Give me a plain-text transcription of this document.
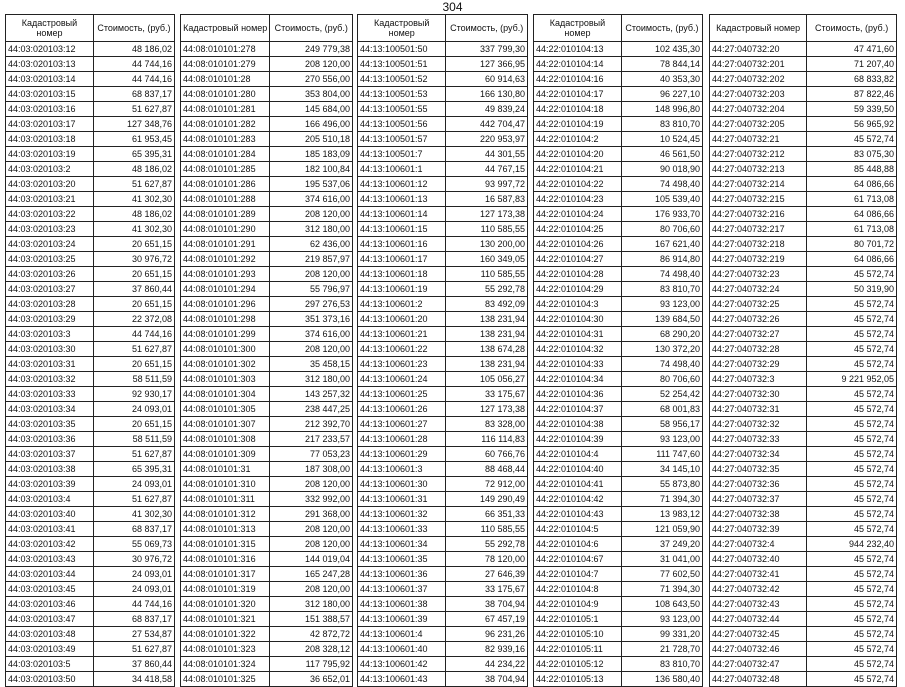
304
Кадастровый номер	Стоимость, (руб.)
44:03:020103:12	48 186,02
44:03:020103:13	44 744,16
44:03:020103:14	44 744,16
44:03:020103:15	68 837,17
44:03:020103:16	51 627,87
44:03:020103:17	127 348,76
44:03:020103:18	61 953,45
44:03:020103:19	65 395,31
44:03:020103:2	48 186,02
44:03:020103:20	51 627,87
44:03:020103:21	41 302,30
44:03:020103:22	48 186,02
44:03:020103:23	41 302,30
44:03:020103:24	20 651,15
44:03:020103:25	30 976,72
44:03:020103:26	20 651,15
44:03:020103:27	37 860,44
44:03:020103:28	20 651,15
44:03:020103:29	22 372,08
44:03:020103:3	44 744,16
44:03:020103:30	51 627,87
44:03:020103:31	20 651,15
44:03:020103:32	58 511,59
44:03:020103:33	92 930,17
44:03:020103:34	24 093,01
44:03:020103:35	20 651,15
44:03:020103:36	58 511,59
44:03:020103:37	51 627,87
44:03:020103:38	65 395,31
44:03:020103:39	24 093,01
44:03:020103:4	51 627,87
44:03:020103:40	41 302,30
44:03:020103:41	68 837,17
44:03:020103:42	55 069,73
44:03:020103:43	30 976,72
44:03:020103:44	24 093,01
44:03:020103:45	24 093,01
44:03:020103:46	44 744,16
44:03:020103:47	68 837,17
44:03:020103:48	27 534,87
44:03:020103:49	51 627,87
44:03:020103:5	37 860,44
44:03:020103:50	34 418,58
Кадастровый номер	Стоимость, (руб.)
44:08:010101:278	249 779,38
44:08:010101:279	208 120,00
44:08:010101:28	270 556,00
44:08:010101:280	353 804,00
44:08:010101:281	145 684,00
44:08:010101:282	166 496,00
44:08:010101:283	205 510,18
44:08:010101:284	185 183,09
44:08:010101:285	182 100,84
44:08:010101:286	195 537,06
44:08:010101:288	374 616,00
44:08:010101:289	208 120,00
44:08:010101:290	312 180,00
44:08:010101:291	62 436,00
44:08:010101:292	219 857,97
44:08:010101:293	208 120,00
44:08:010101:294	55 796,97
44:08:010101:296	297 276,53
44:08:010101:298	351 373,16
44:08:010101:299	374 616,00
44:08:010101:300	208 120,00
44:08:010101:302	35 458,15
44:08:010101:303	312 180,00
44:08:010101:304	143 257,32
44:08:010101:305	238 447,25
44:08:010101:307	212 392,70
44:08:010101:308	217 233,57
44:08:010101:309	77 053,23
44:08:010101:31	187 308,00
44:08:010101:310	208 120,00
44:08:010101:311	332 992,00
44:08:010101:312	291 368,00
44:08:010101:313	208 120,00
44:08:010101:315	208 120,00
44:08:010101:316	144 019,04
44:08:010101:317	165 247,28
44:08:010101:319	208 120,00
44:08:010101:320	312 180,00
44:08:010101:321	151 388,57
44:08:010101:322	42 872,72
44:08:010101:323	208 328,12
44:08:010101:324	117 795,92
44:08:010101:325	36 652,01
Кадастровый номер	Стоимость, (руб.)
44:13:100501:50	337 799,30
44:13:100501:51	127 366,95
44:13:100501:52	60 914,63
44:13:100501:53	166 130,80
44:13:100501:55	49 839,24
44:13:100501:56	442 704,47
44:13:100501:57	220 953,97
44:13:100501:7	44 301,55
44:13:100601:1	44 767,15
44:13:100601:12	93 997,72
44:13:100601:13	16 587,83
44:13:100601:14	127 173,38
44:13:100601:15	110 585,55
44:13:100601:16	130 200,00
44:13:100601:17	160 349,05
44:13:100601:18	110 585,55
44:13:100601:19	55 292,78
44:13:100601:2	83 492,09
44:13:100601:20	138 231,94
44:13:100601:21	138 231,94
44:13:100601:22	138 674,28
44:13:100601:23	138 231,94
44:13:100601:24	105 056,27
44:13:100601:25	33 175,67
44:13:100601:26	127 173,38
44:13:100601:27	83 328,00
44:13:100601:28	116 114,83
44:13:100601:29	60 766,76
44:13:100601:3	88 468,44
44:13:100601:30	72 912,00
44:13:100601:31	149 290,49
44:13:100601:32	66 351,33
44:13:100601:33	110 585,55
44:13:100601:34	55 292,78
44:13:100601:35	78 120,00
44:13:100601:36	27 646,39
44:13:100601:37	33 175,67
44:13:100601:38	38 704,94
44:13:100601:39	67 457,19
44:13:100601:4	96 231,26
44:13:100601:40	82 939,16
44:13:100601:42	44 234,22
44:13:100601:43	38 704,94
Кадастровый номер	Стоимость, (руб.)
44:22:010104:13	102 435,30
44:22:010104:14	78 844,14
44:22:010104:16	40 353,30
44:22:010104:17	96 227,10
44:22:010104:18	148 996,80
44:22:010104:19	83 810,70
44:22:010104:2	10 524,45
44:22:010104:20	46 561,50
44:22:010104:21	90 018,90
44:22:010104:22	74 498,40
44:22:010104:23	105 539,40
44:22:010104:24	176 933,70
44:22:010104:25	80 706,60
44:22:010104:26	167 621,40
44:22:010104:27	86 914,80
44:22:010104:28	74 498,40
44:22:010104:29	83 810,70
44:22:010104:3	93 123,00
44:22:010104:30	139 684,50
44:22:010104:31	68 290,20
44:22:010104:32	130 372,20
44:22:010104:33	74 498,40
44:22:010104:34	80 706,60
44:22:010104:36	52 254,42
44:22:010104:37	68 001,83
44:22:010104:38	58 956,17
44:22:010104:39	93 123,00
44:22:010104:4	111 747,60
44:22:010104:40	34 145,10
44:22:010104:41	55 873,80
44:22:010104:42	71 394,30
44:22:010104:43	13 983,12
44:22:010104:5	121 059,90
44:22:010104:6	37 249,20
44:22:010104:67	31 041,00
44:22:010104:7	77 602,50
44:22:010104:8	71 394,30
44:22:010104:9	108 643,50
44:22:010105:1	93 123,00
44:22:010105:10	99 331,20
44:22:010105:11	21 728,70
44:22:010105:12	83 810,70
44:22:010105:13	136 580,40
Кадастровый номер	Стоимость, (руб.)
44:27:040732:20	47 471,60
44:27:040732:201	71 207,40
44:27:040732:202	68 833,82
44:27:040732:203	87 822,46
44:27:040732:204	59 339,50
44:27:040732:205	56 965,92
44:27:040732:21	45 572,74
44:27:040732:212	83 075,30
44:27:040732:213	85 448,88
44:27:040732:214	64 086,66
44:27:040732:215	61 713,08
44:27:040732:216	64 086,66
44:27:040732:217	61 713,08
44:27:040732:218	80 701,72
44:27:040732:219	64 086,66
44:27:040732:23	45 572,74
44:27:040732:24	50 319,90
44:27:040732:25	45 572,74
44:27:040732:26	45 572,74
44:27:040732:27	45 572,74
44:27:040732:28	45 572,74
44:27:040732:29	45 572,74
44:27:040732:3	9 221 952,05
44:27:040732:30	45 572,74
44:27:040732:31	45 572,74
44:27:040732:32	45 572,74
44:27:040732:33	45 572,74
44:27:040732:34	45 572,74
44:27:040732:35	45 572,74
44:27:040732:36	45 572,74
44:27:040732:37	45 572,74
44:27:040732:38	45 572,74
44:27:040732:39	45 572,74
44:27:040732:4	944 232,40
44:27:040732:40	45 572,74
44:27:040732:41	45 572,74
44:27:040732:42	45 572,74
44:27:040732:43	45 572,74
44:27:040732:44	45 572,74
44:27:040732:45	45 572,74
44:27:040732:46	45 572,74
44:27:040732:47	45 572,74
44:27:040732:48	45 572,74
